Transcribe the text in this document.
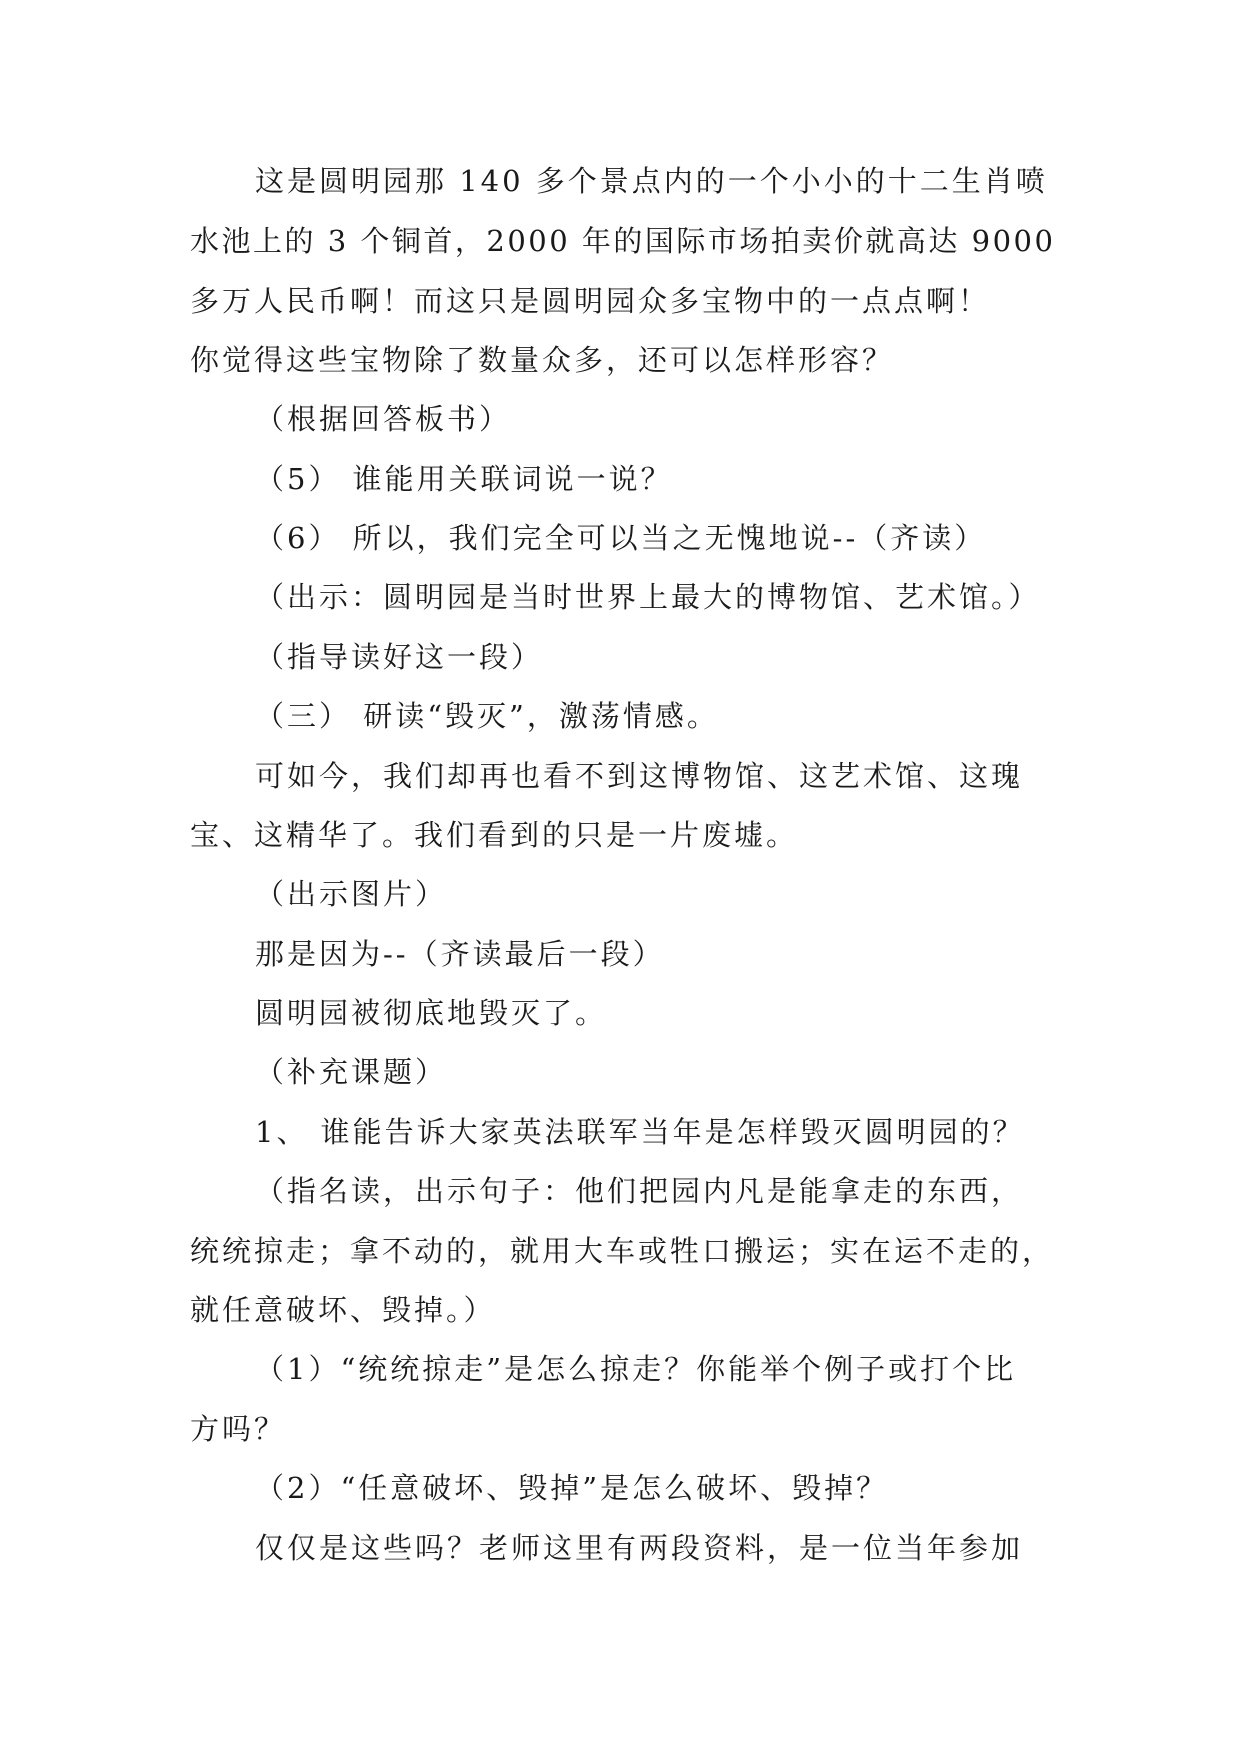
这是圆明园那 140 多个景点内的一个小小的十二生肖喷
水池上的 3 个铜首，2000 年的国际市场拍卖价就高达 9000
多万人民币啊！而这只是圆明园众多宝物中的一点点啊！
你觉得这些宝物除了数量众多，还可以怎样形容？
（根据回答板书）
（5） 谁能用关联词说一说？
（6） 所以，我们完全可以当之无愧地说--（齐读）
（出示：圆明园是当时世界上最大的博物馆、艺术馆。）
（指导读好这一段）
（三） 研读“毁灭”，激荡情感。
可如今，我们却再也看不到这博物馆、这艺术馆、这瑰
宝、这精华了。我们看到的只是一片废墟。
（出示图片）
那是因为--（齐读最后一段）
圆明园被彻底地毁灭了。
（补充课题）
1、 谁能告诉大家英法联军当年是怎样毁灭圆明园的？
（指名读，出示句子：他们把园内凡是能拿走的东西，
统统掠走；拿不动的，就用大车或牲口搬运；实在运不走的，
就任意破坏、毁掉。）
（1）“统统掠走”是怎么掠走？你能举个例子或打个比
方吗？
（2）“任意破坏、毁掉”是怎么破坏、毁掉？
仅仅是这些吗？老师这里有两段资料，是一位当年参加
